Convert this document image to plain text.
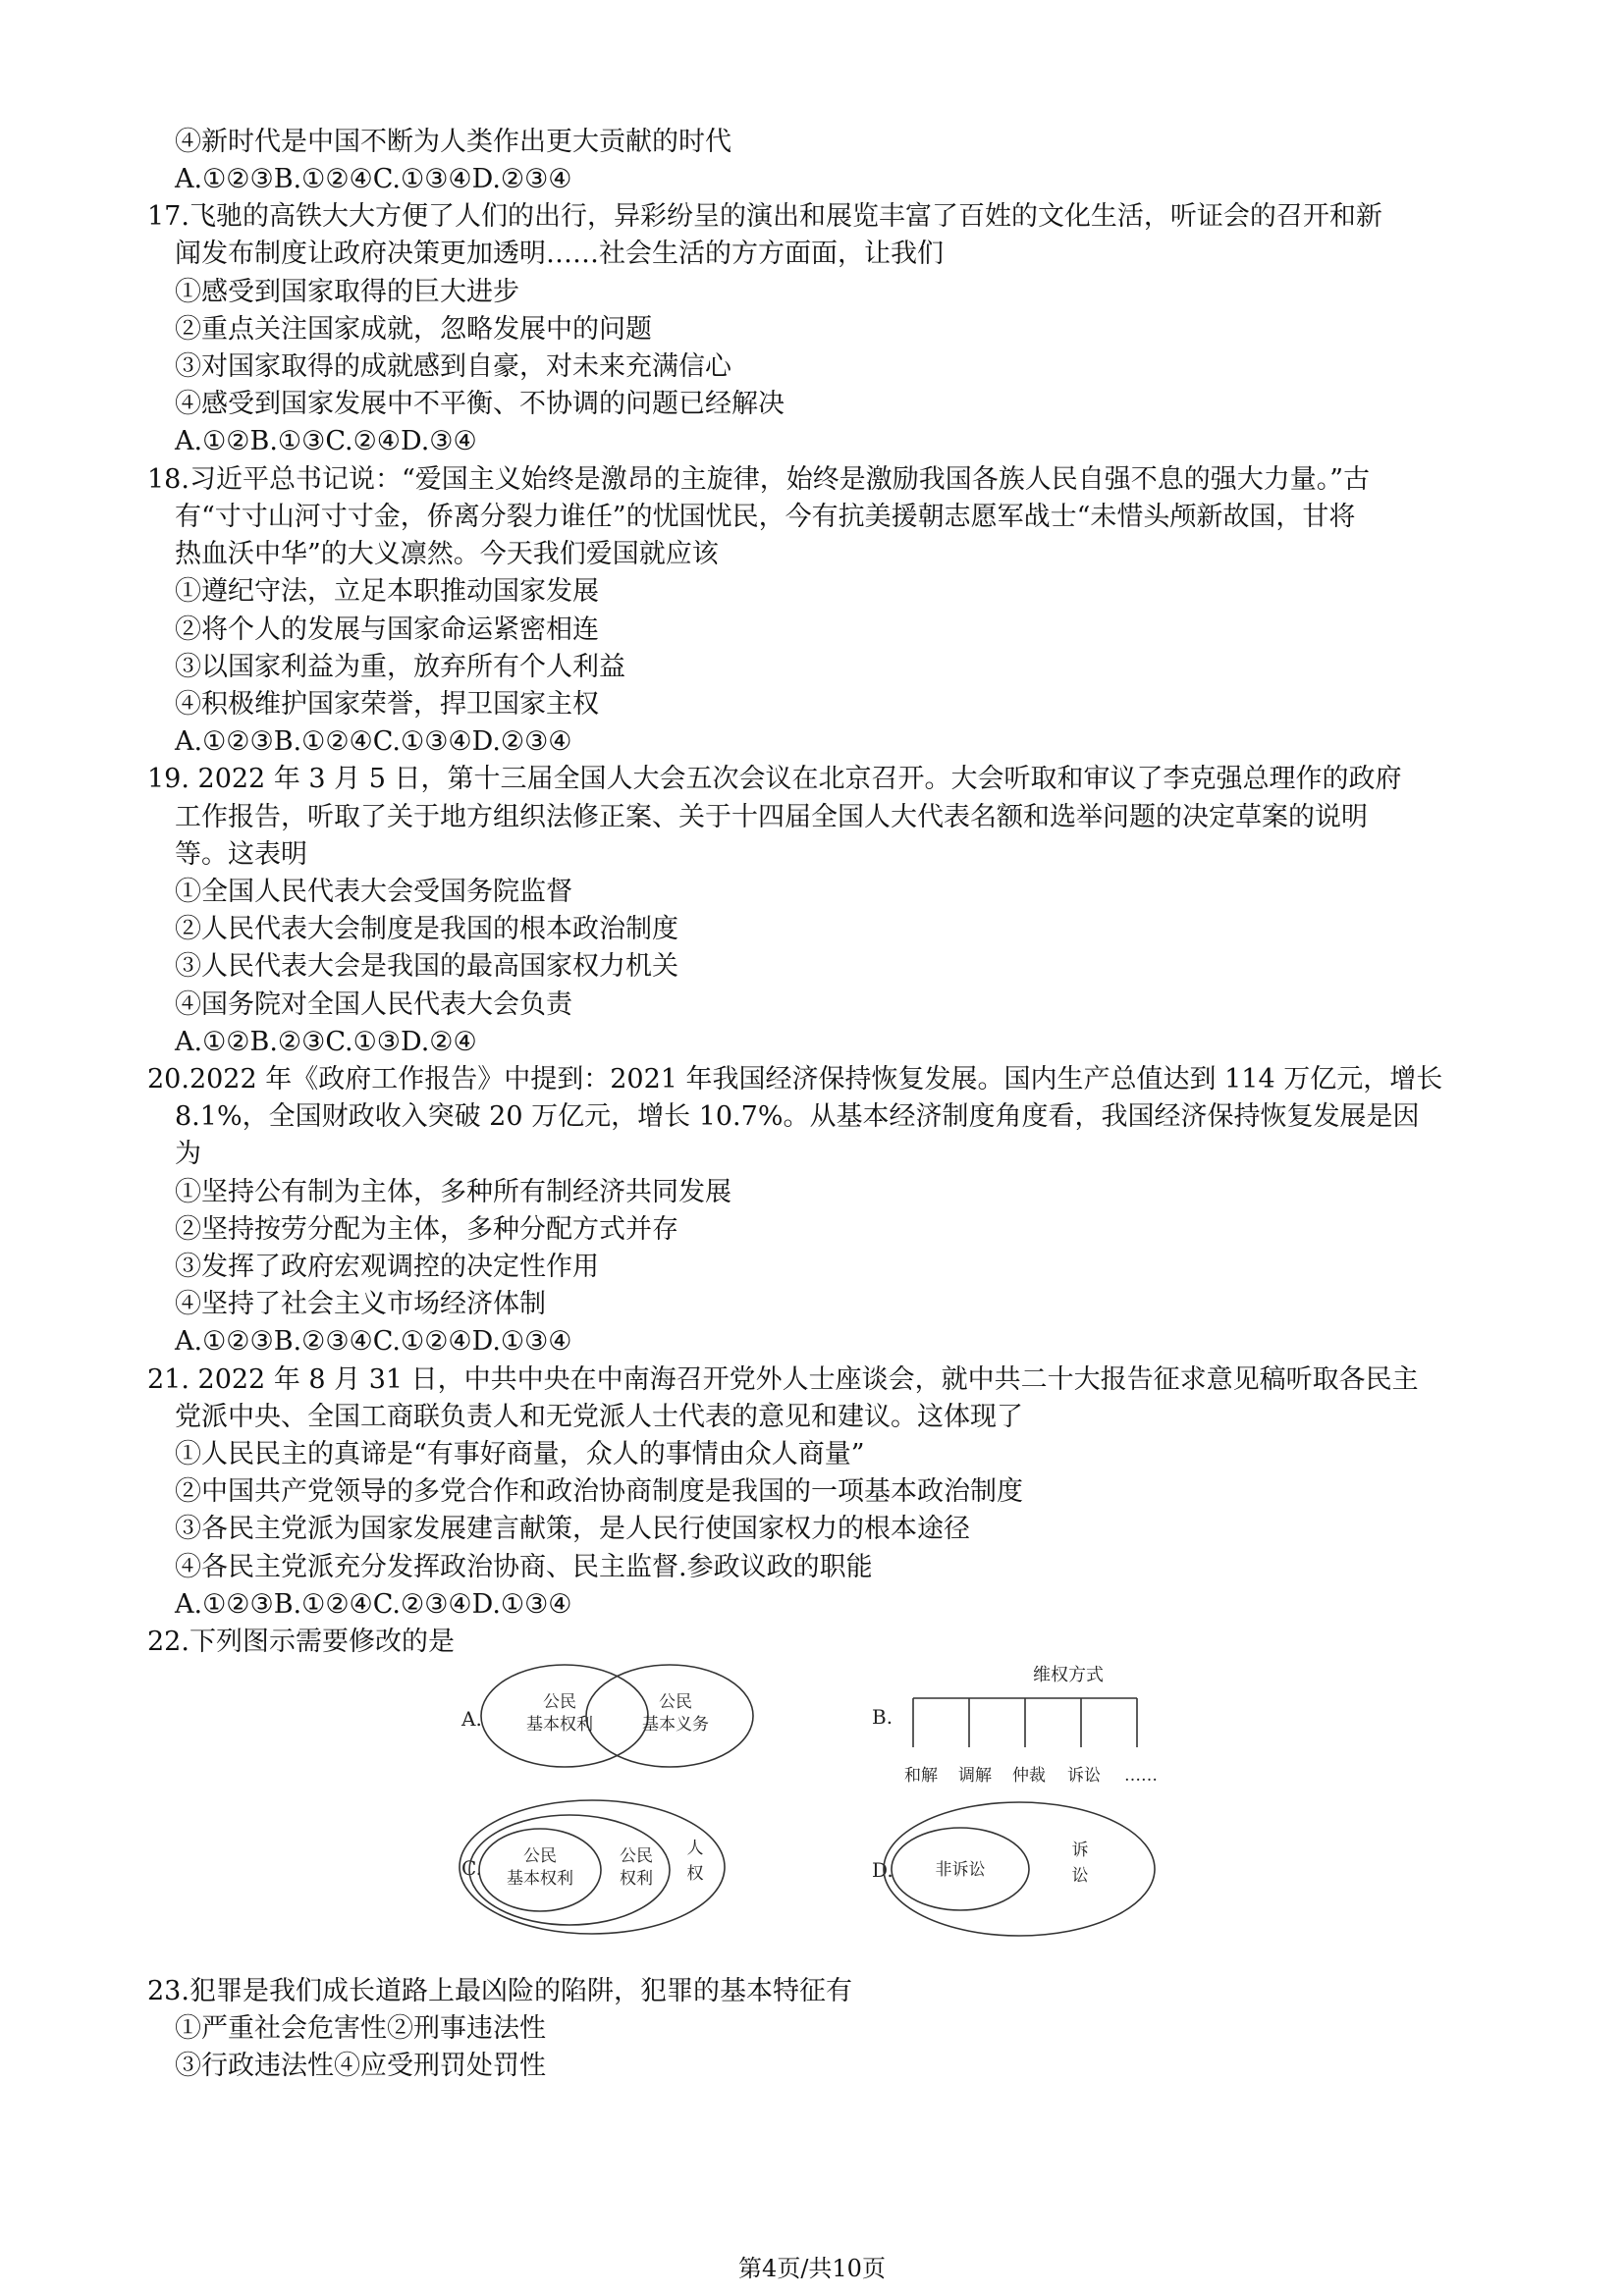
④新时代是中国不断为人类作出更大贡献的时代
A.①②③B.①②④C.①③④D.②③④
17.飞驰的高铁大大方便了人们的出行，异彩纷呈的演出和展览丰富了百姓的文化生活，听证会的召开和新
闻发布制度让政府决策更加透明……社会生活的方方面面，让我们
①感受到国家取得的巨大进步
②重点关注国家成就，忽略发展中的问题
③对国家取得的成就感到自豪，对未来充满信心
④感受到国家发展中不平衡、不协调的问题已经解决
A.①②B.①③C.②④D.③④
18.习近平总书记说：“爱国主义始终是激昂的主旋律，始终是激励我国各族人民自强不息的强大力量。”古
有“寸寸山河寸寸金，侨离分裂力谁任”的忧国忧民，今有抗美援朝志愿军战士“未惜头颅新故国，甘将
热血沃中华”的大义凛然。今天我们爱国就应该
①遵纪守法，立足本职推动国家发展
②将个人的发展与国家命运紧密相连
③以国家利益为重，放弃所有个人利益
④积极维护国家荣誉，捍卫国家主权
A.①②③B.①②④C.①③④D.②③④
19. 2022 年 3 月 5 日，第十三届全国人大会五次会议在北京召开。大会听取和审议了李克强总理作的政府
工作报告，听取了关于地方组织法修正案、关于十四届全国人大代表名额和选举问题的决定草案的说明
等。这表明
①全国人民代表大会受国务院监督
②人民代表大会制度是我国的根本政治制度
③人民代表大会是我国的最高国家权力机关
④国务院对全国人民代表大会负责
A.①②B.②③C.①③D.②④
20.2022 年《政府工作报告》中提到：2021 年我国经济保持恢复发展。国内生产总值达到 114 万亿元，增长
8.1%，全国财政收入突破 20 万亿元，增长 10.7%。从基本经济制度角度看，我国经济保持恢复发展是因
为
①坚持公有制为主体，多种所有制经济共同发展
②坚持按劳分配为主体，多种分配方式并存
③发挥了政府宏观调控的决定性作用
④坚持了社会主义市场经济体制
A.①②③B.②③④C.①②④D.①③④
21. 2022 年 8 月 31 日，中共中央在中南海召开党外人士座谈会，就中共二十大报告征求意见稿听取各民主
党派中央、全国工商联负责人和无党派人士代表的意见和建议。这体现了
①人民民主的真谛是“有事好商量，众人的事情由众人商量”
②中国共产党领导的多党合作和政治协商制度是我国的一项基本政治制度
③各民主党派为国家发展建言献策，是人民行使国家权力的根本途径
④各民主党派充分发挥政治协商、民主监督.参政议政的职能
A.①②③B.①②④C.②③④D.①③④
22.下列图示需要修改的是
A.
公民
基本权利
公民
基本义务	B.
维权方式
和解 调解 仲裁 诉讼 ……
C. 公民
基本权利
公民
权利
人
权	D.	非诉讼
诉
讼
23.犯罪是我们成长道路上最凶险的陷阱，犯罪的基本特征有
①严重社会危害性②刑事违法性
③行政违法性④应受刑罚处罚性
第4页/共10页
